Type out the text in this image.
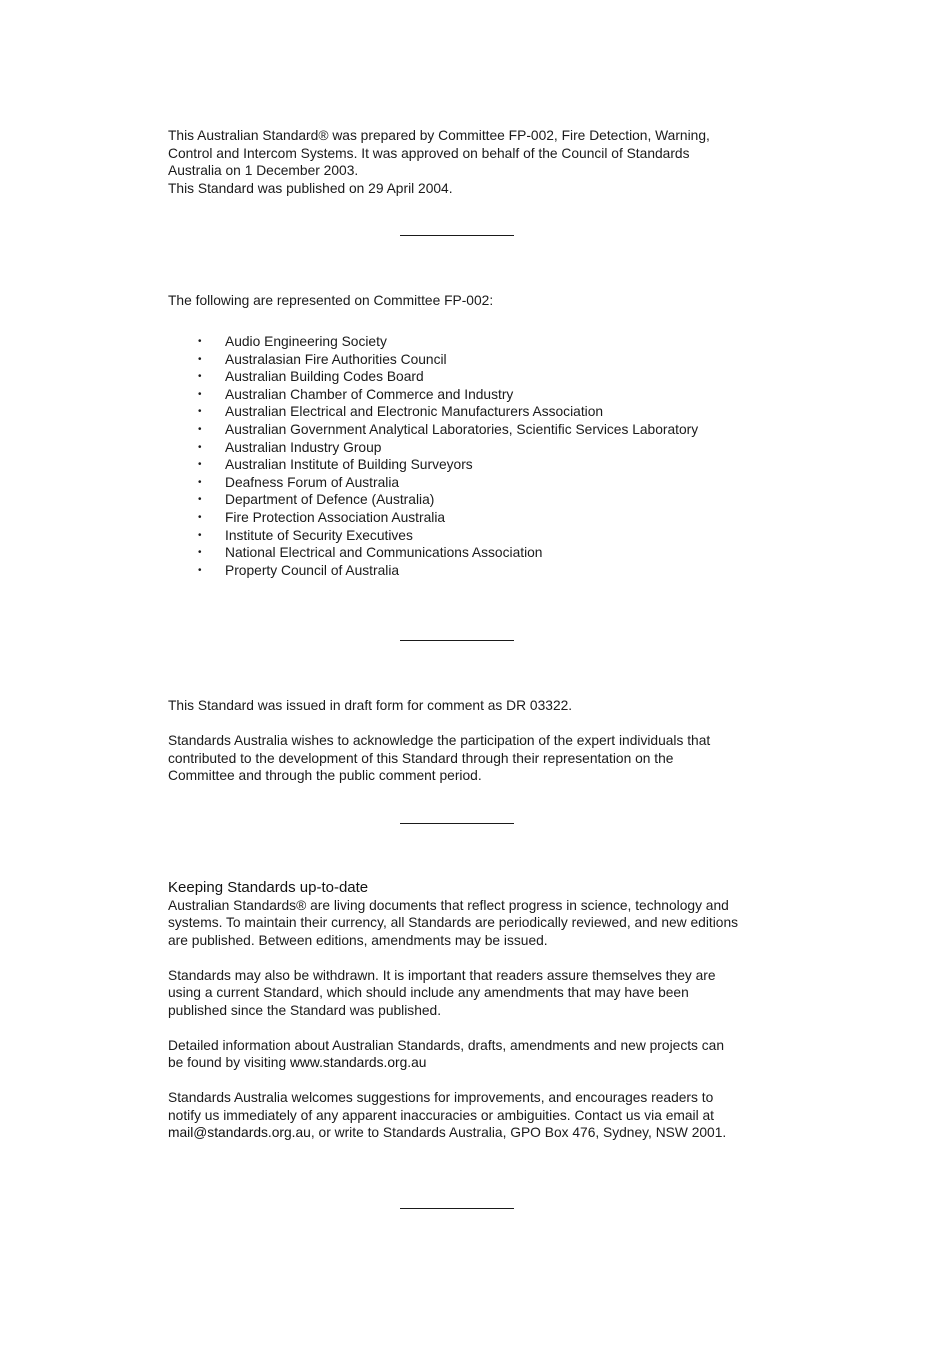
This Australian Standard® was prepared by Committee FP-002, Fire Detection, Warning,

Control and Intercom Systems. It was approved on behalf of the Council of Standards

Australia on 1 December 2003.

This Standard was published on 29 April 2004.

The following are represented on Committee FP-002:

• Audio Engineering Society
• Australasian Fire Authorities Council
• Australian Building Codes Board
• Australian Chamber of Commerce and Industry
• Australian Electrical and Electronic Manufacturers Association
• Australian Government Analytical Laboratories, Scientific Services Laboratory
• Australian Industry Group
• Australian Institute of Building Surveyors
• Deafness Forum of Australia
• Department of Defence (Australia)
• Fire Protection Association Australia
• Institute of Security Executives
• National Electrical and Communications Association
• Property Council of Australia

This Standard was issued in draft form for comment as DR 03322.

Standards Australia wishes to acknowledge the participation of the expert individuals that

contributed to the development of this Standard through their representation on the

Committee and through the public comment period.

Keeping Standards up-to-date

Australian Standards® are living documents that reflect progress in science, technology and

systems. To maintain their currency, all Standards are periodically reviewed, and new editions

are published. Between editions, amendments may be issued.

Standards may also be withdrawn. It is important that readers assure themselves they are

using a current Standard, which should include any amendments that may have been

published since the Standard was published.

Detailed information about Australian Standards, drafts, amendments and new projects can

be found by visiting www.standards.org.au

Standards Australia welcomes suggestions for improvements, and encourages readers to

notify us immediately of any apparent inaccuracies or ambiguities. Contact us via email at

mail@standards.org.au, or write to Standards Australia, GPO Box 476, Sydney, NSW 2001.
